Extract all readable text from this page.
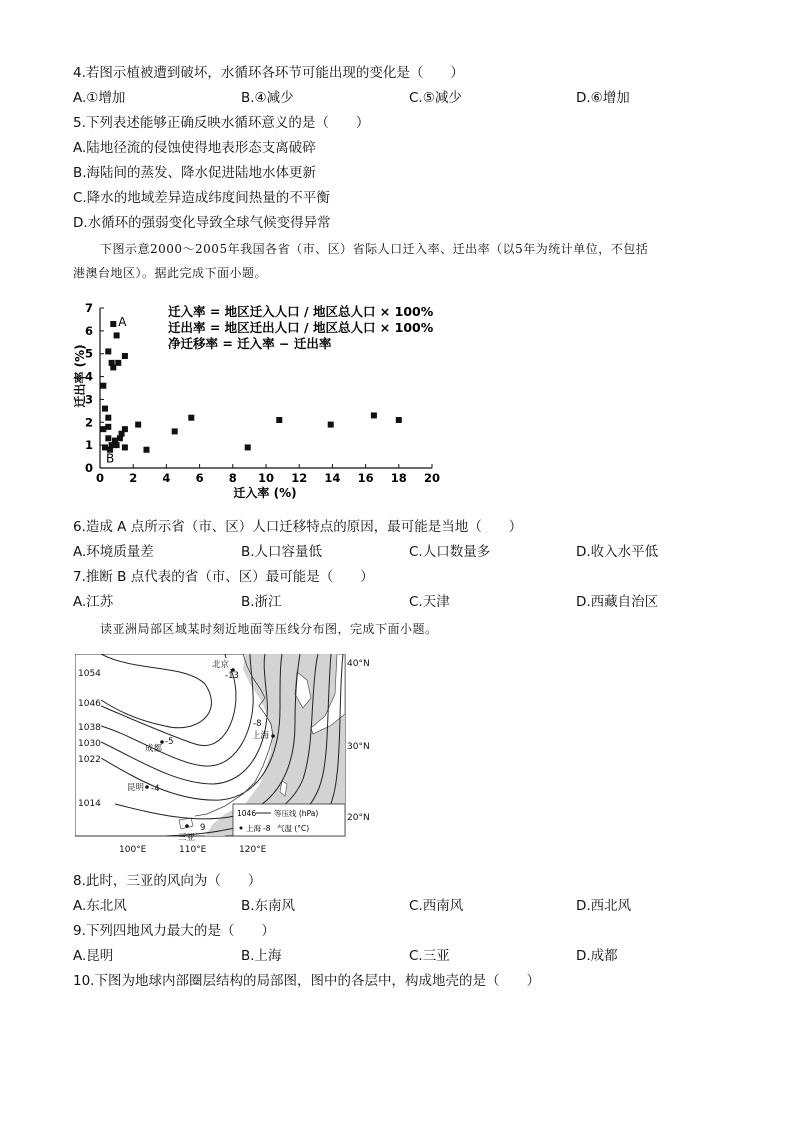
4.若图示植被遭到破坏，水循环各环节可能出现的变化是（　　）
A.①增加	B.④减少	C.⑤减少	D.⑥增加
5.下列表述能够正确反映水循环意义的是（　　）
A.陆地径流的侵蚀使得地表形态支离破碎
B.海陆间的蒸发、降水促进陆地水体更新
C.降水的地域差异造成纬度间热量的不平衡
D.水循环的强弱变化导致全球气候变得异常
下图示意2000～2005年我国各省（市、区）省际人口迁入率、迁出率（以5年为统计单位，不包括
港澳台地区）。据此完成下面小题。
0 2 4 6 8 10 12 14 16 18 20
0
1
2
3
4
5
6
7
A
B
迁入率 = 地区迁入人口 / 地区总人口 × 100%
迁出率 = 地区迁出人口 / 地区总人口 × 100%
净迁移率 = 迁入率 − 迁出率
迁入率 (%)
迁出率 (%)
6.造成 A 点所示省（市、区）人口迁移特点的原因，最可能是当地（　　）
A.环境质量差	B.人口容量低	C.人口数量多	D.收入水平低
7.推断 B 点代表的省（市、区）最可能是（　　）
A.江苏	B.浙江	C.天津	D.西藏自治区
读亚洲局部区域某时刻近地面等压线分布图，完成下面小题。
1054
1046
1038
1030
1022
1014
北京
-13
上海
-8
成都
-5
昆明 -4
三亚
9
1046 等压线 (hPa)
上海 -8 气温 (°C)
40°N
30°N
20°N
100°E	110°E	120°E
8.此时，三亚的风向为（　　）
A.东北风	B.东南风	C.西南风	D.西北风
9.下列四地风力最大的是（　　）
A.昆明	B.上海	C.三亚	D.成都
10.下图为地球内部圈层结构的局部图，图中的各层中，构成地壳的是（　　）
